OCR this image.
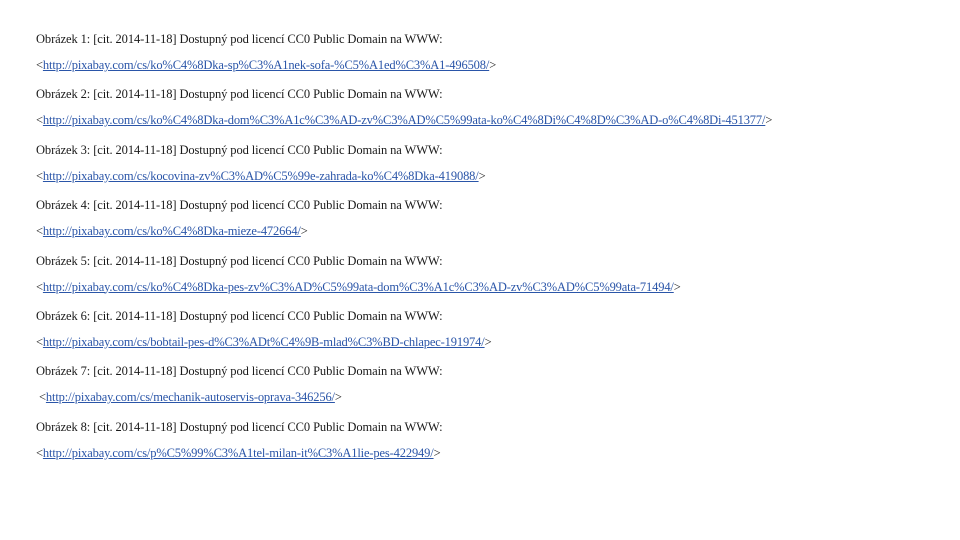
Obrázek 1: [cit. 2014-11-18] Dostupný pod licencí CC0 Public Domain na WWW:
<http://pixabay.com/cs/ko%C4%8Dka-sp%C3%A1nek-sofa-%C5%A1ed%C3%A1-496508/>
Obrázek 2: [cit. 2014-11-18] Dostupný pod licencí CC0 Public Domain na WWW:
<http://pixabay.com/cs/ko%C4%8Dka-dom%C3%A1c%C3%AD-zv%C3%AD%C5%99ata-ko%C4%8Di%C4%8D%C3%AD-o%C4%8Di-451377/>
Obrázek 3: [cit. 2014-11-18] Dostupný pod licencí CC0 Public Domain na WWW:
<http://pixabay.com/cs/kocovina-zv%C3%AD%C5%99e-zahrada-ko%C4%8Dka-419088/>
Obrázek 4: [cit. 2014-11-18] Dostupný pod licencí CC0 Public Domain na WWW:
<http://pixabay.com/cs/ko%C4%8Dka-mieze-472664/>
Obrázek 5: [cit. 2014-11-18] Dostupný pod licencí CC0 Public Domain na WWW:
<http://pixabay.com/cs/ko%C4%8Dka-pes-zv%C3%AD%C5%99ata-dom%C3%A1c%C3%AD-zv%C3%AD%C5%99ata-71494/>
Obrázek 6: [cit. 2014-11-18] Dostupný pod licencí CC0 Public Domain na WWW:
<http://pixabay.com/cs/bobtail-pes-d%C3%ADt%C4%9B-mlad%C3%BD-chlapec-191974/>
Obrázek 7: [cit. 2014-11-18] Dostupný pod licencí CC0 Public Domain na WWW:
<http://pixabay.com/cs/mechanik-autoservis-oprava-346256/>
Obrázek 8: [cit. 2014-11-18] Dostupný pod licencí CC0 Public Domain na WWW:
<http://pixabay.com/cs/p%C5%99%C3%A1tel-milan-it%C3%A1lie-pes-422949/>
